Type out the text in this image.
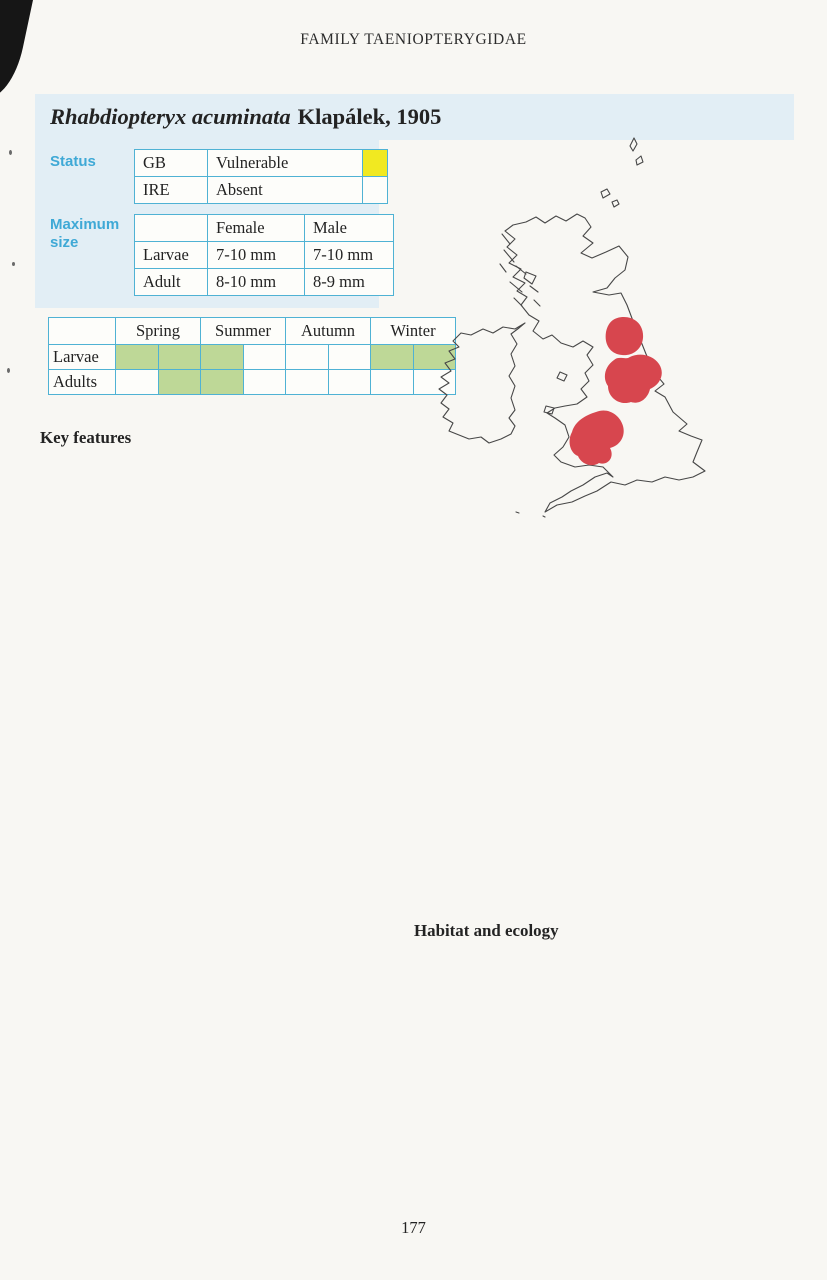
FAMILY TAENIOPTERYGIDAE
Rhabdiopteryx acuminata Klapálek, 1905
Status	GB	Vulnerable	
IRE	Absent	
Maximum
size
	Female	Male
Larvae	7-10 mm	7-10 mm
Adult	8-10 mm	8-9 mm
	Spring		Summer		Autumn		Winter	
Larvae								
Adults								

Key features

Habitat and ecology

177
